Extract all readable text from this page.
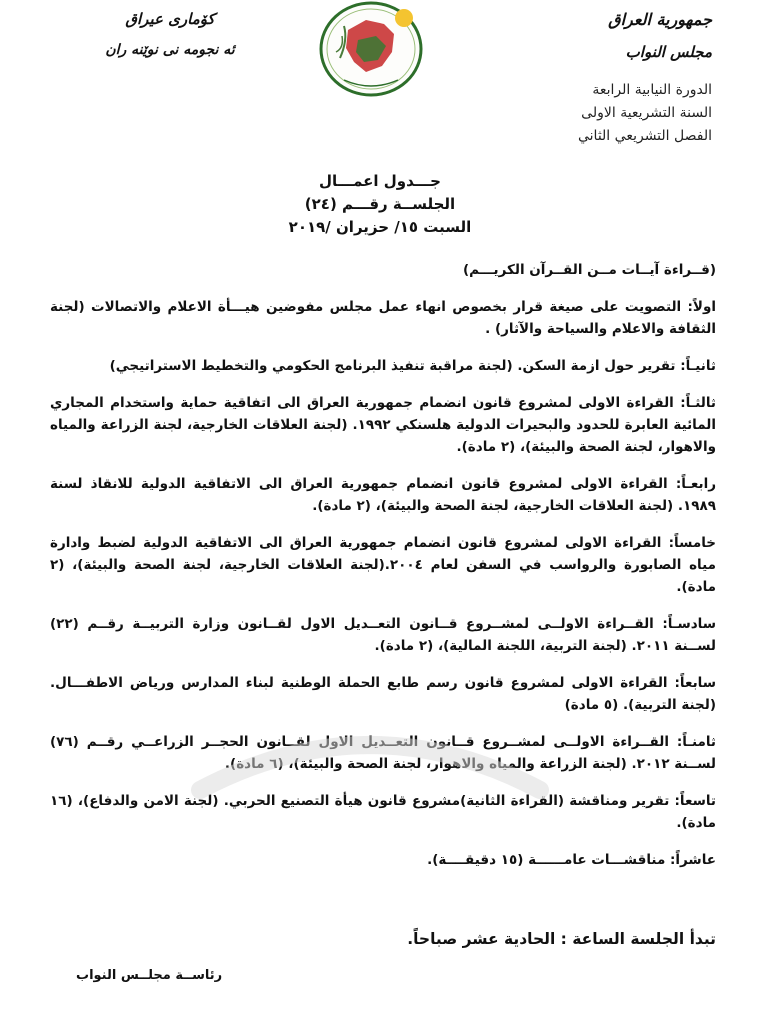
جمهورية العراق
مجلس النواب
الدورة النيابية الرابعة
السنة التشريعية الاولى
الفصل التشريعي الثاني
كۆماری عیراق
ئه نجومه نی نوێنه ران
جـــدول اعمـــال
الجلســة رقـــم (٢٤)
السبت ١٥/ حزيران /٢٠١٩
(قــراءة آيــات مــن القــرآن الكريـــم)
اولاً: التصويت على صيغة قرار بخصوص انهاء عمل مجلس مفوضين هيـــأة الاعلام والاتصالات (لجنة الثقافة والاعلام والسياحة والآثار) .
ثانيـاً: تقرير حول ازمة السكن. (لجنة مراقبة تنفيذ البرنامج الحكومي والتخطيط الاستراتيجي)
ثالثـاً: القراءة الاولى لمشروع قانون انضمام جمهورية العراق الى اتفاقية حماية واستخدام المجاري المائية العابرة للحدود والبحيرات الدولية هلسنكي ١٩٩٢. (لجنة العلاقات الخارجية، لجنة الزراعة والمياه والاهوار، لجنة الصحة والبيئة)، (٢ مادة).
رابعـاً: القراءة الاولى لمشروع قانون انضمام جمهورية العراق الى الاتفاقية الدولية للانقاذ لسنة ١٩٨٩. (لجنة العلاقات الخارجية، لجنة الصحة والبيئة)، (٢ مادة).
خامساً: القراءة الاولى لمشروع قانون انضمام جمهورية العراق الى الاتفاقية الدولية لضبط وادارة مياه الصابورة والرواسب في السفن لعام ٢٠٠٤.(لجنة العلاقات الخارجية، لجنة الصحة والبيئة)، (٢ مادة).
سادسـاً: القــراءة الاولــى لمشــروع قــانون التعــديل الاول لقــانون وزارة التربيــة رقــم (٢٢) لســنة ٢٠١١. (لجنة التربية، اللجنة المالية)، (٢ مادة).
سابعاً: القراءة الاولى لمشروع قانون رسم طابع الحملة الوطنية لبناء المدارس ورياض الاطفـــال. (لجنة التربية). (٥ مادة)
ثامنـاً: القــراءة الاولــى لمشــروع قــانون التعــديل الاول لقــانون الحجــر الزراعــي رقــم (٧٦) لســنة ٢٠١٢. (لجنة الزراعة والمياه والاهوار، لجنة الصحة والبيئة)، (٦ مادة).
تاسعاً: تقرير ومناقشة (القراءة الثانية)مشروع قانون هيأة التصنيع الحربي. (لجنة الامن والدفاع)، (١٦ مادة).
عاشراً: مناقشـــات عامــــــة (١٥ دقيقــــة).
تبدأ الجلسة الساعة : الحادية عشر صباحاً.
رئاســة مجلــس النواب
